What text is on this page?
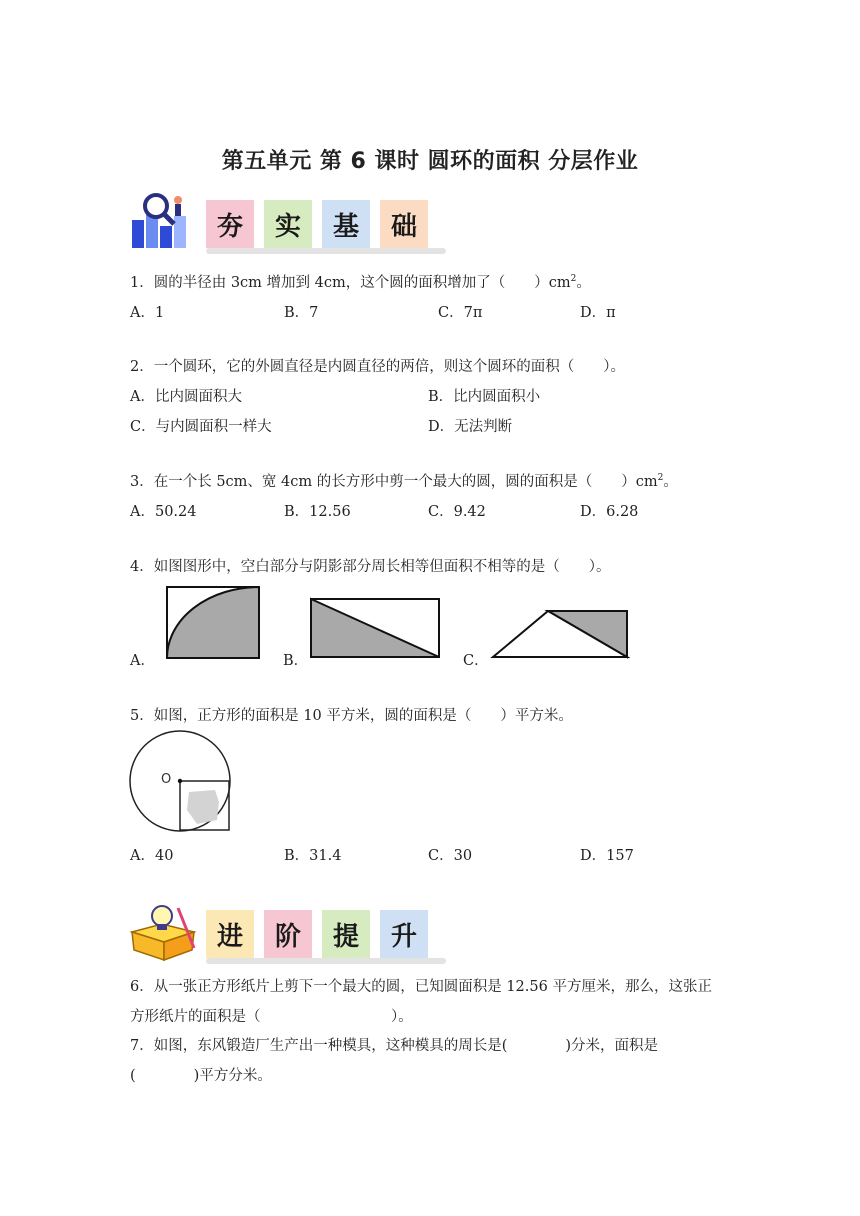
第五单元 第 6 课时 圆环的面积 分层作业
夯 实 基 础
1．圆的半径由 3cm 增加到 4cm，这个圆的面积增加了（　　）$cm^2$。
A．1	B．7	C．7π	D．π
2．一个圆环，它的外圆直径是内圆直径的两倍，则这个圆环的面积（　　）。
A．比内圆面积大	B．比内圆面积小
C．与内圆面积一样大	D．无法判断
3．在一个长 5cm、宽 4cm 的长方形中剪一个最大的圆，圆的面积是（　　）$cm^2$。
A．50.24	B．12.56	C．9.42	D．6.28
4．如图图形中，空白部分与阴影部分周长相等但面积不相等的是（　　）。
A．	B．	C．
5．如图，正方形的面积是 10 平方米，圆的面积是（　　）平方米。
O
A．40	B．31.4	C．30	D．157
进 阶 提 升
6．从一张正方形纸片上剪下一个最大的圆，已知圆面积是 12.56 平方厘米，那么，这张正
方形纸片的面积是（　　　　　　　　　）。
7．如图，东风锻造厂生产出一种模具，这种模具的周长是(　　　　)分米，面积是
(　　　　)平方分米。
